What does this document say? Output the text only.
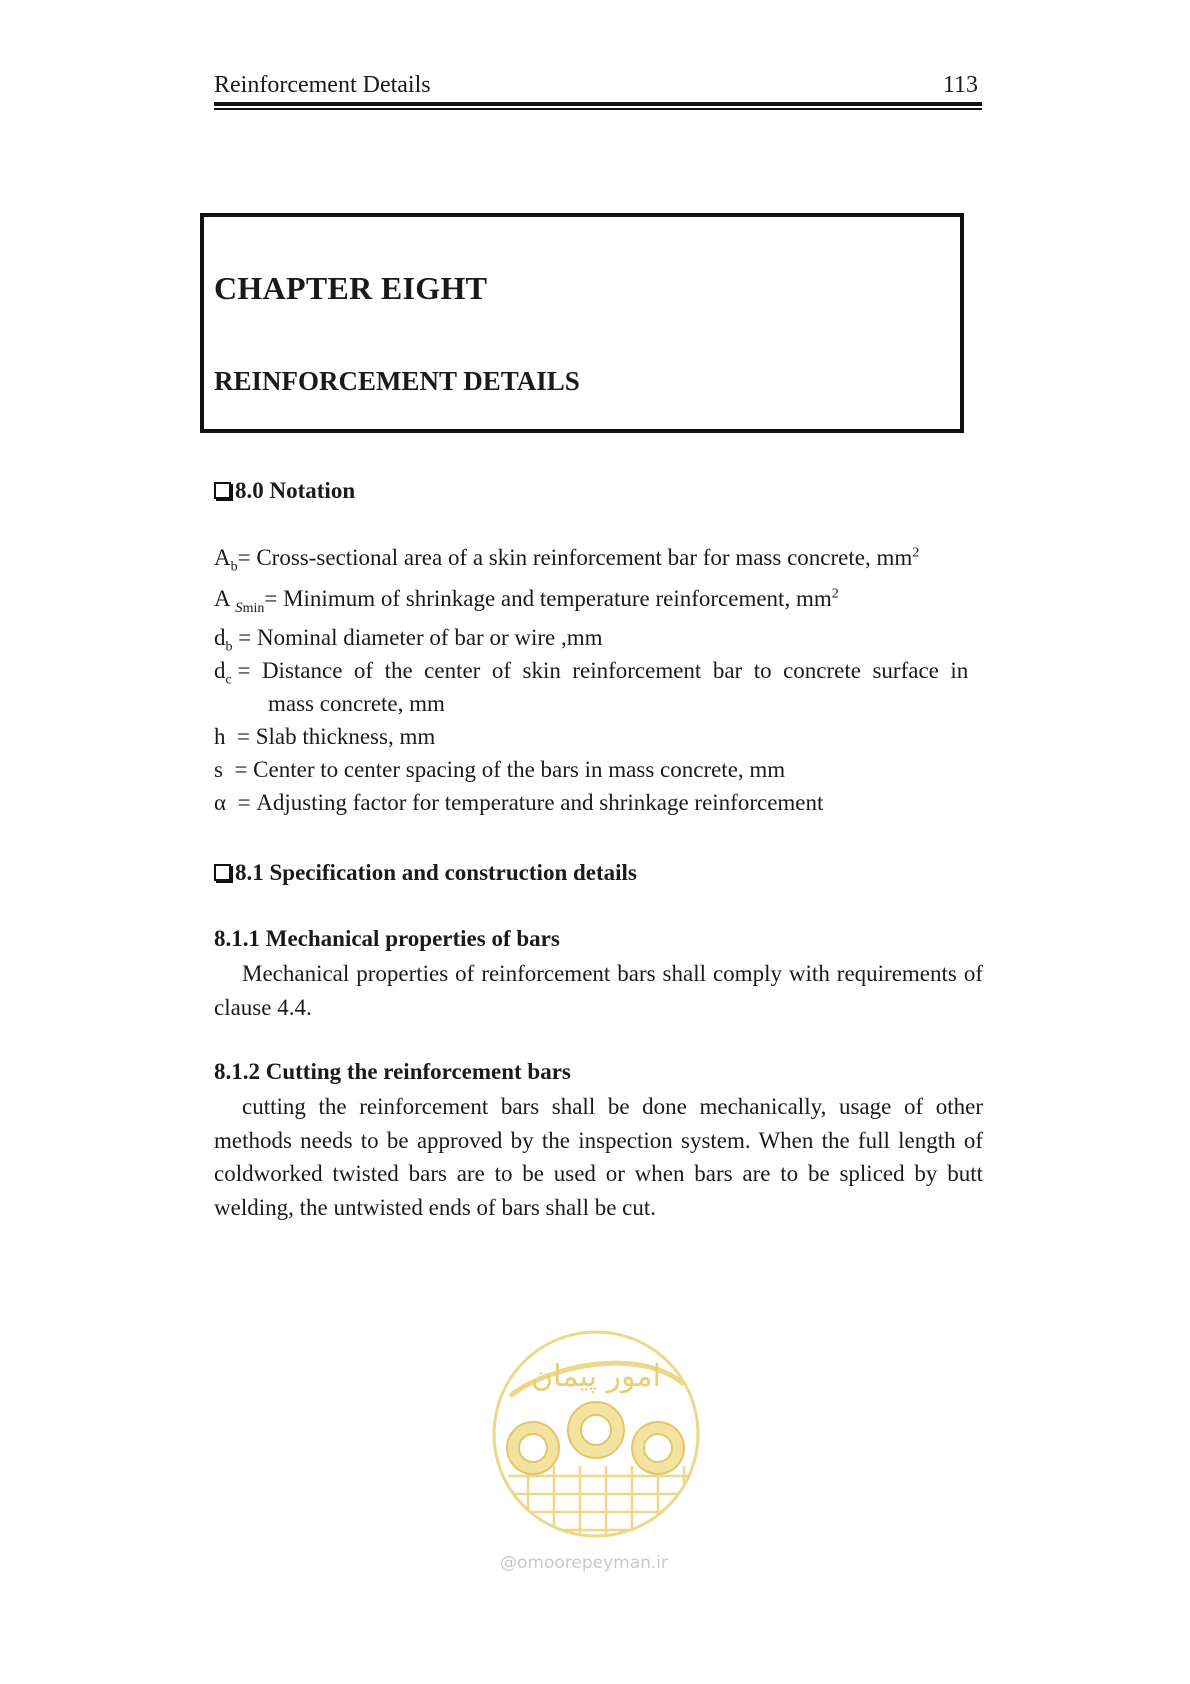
Reinforcement Details	113
CHAPTER EIGHT
REINFORCEMENT DETAILS
8.0 Notation
$A_b=$ Cross-sectional area of a skin reinforcement bar for mass concrete, $mm^2$
A $_{Smin}$= Minimum of shrinkage and temperature reinforcement, $mm^2$
$d_b$ = Nominal diameter of bar or wire ,mm
$d_c$ =  Distance  of  the  center  of  skin  reinforcement  bar  to  concrete  surface  in
mass concrete, mm
h  = Slab thickness, mm
s  = Center to center spacing of the bars in mass concrete, mm
α  = Adjusting factor for temperature and shrinkage reinforcement
8.1 Specification and construction details
8.1.1 Mechanical properties of bars
Mechanical properties of reinforcement bars shall comply with requirements of clause 4.4.
8.1.2 Cutting the reinforcement bars
cutting the reinforcement bars shall be done mechanically, usage of other methods needs to be approved by the inspection system. When the full length of coldworked twisted bars are to be used or when bars are to be spliced by butt welding, the untwisted ends of bars shall be cut.
امور پیمان
@omoorepeyman.ir
